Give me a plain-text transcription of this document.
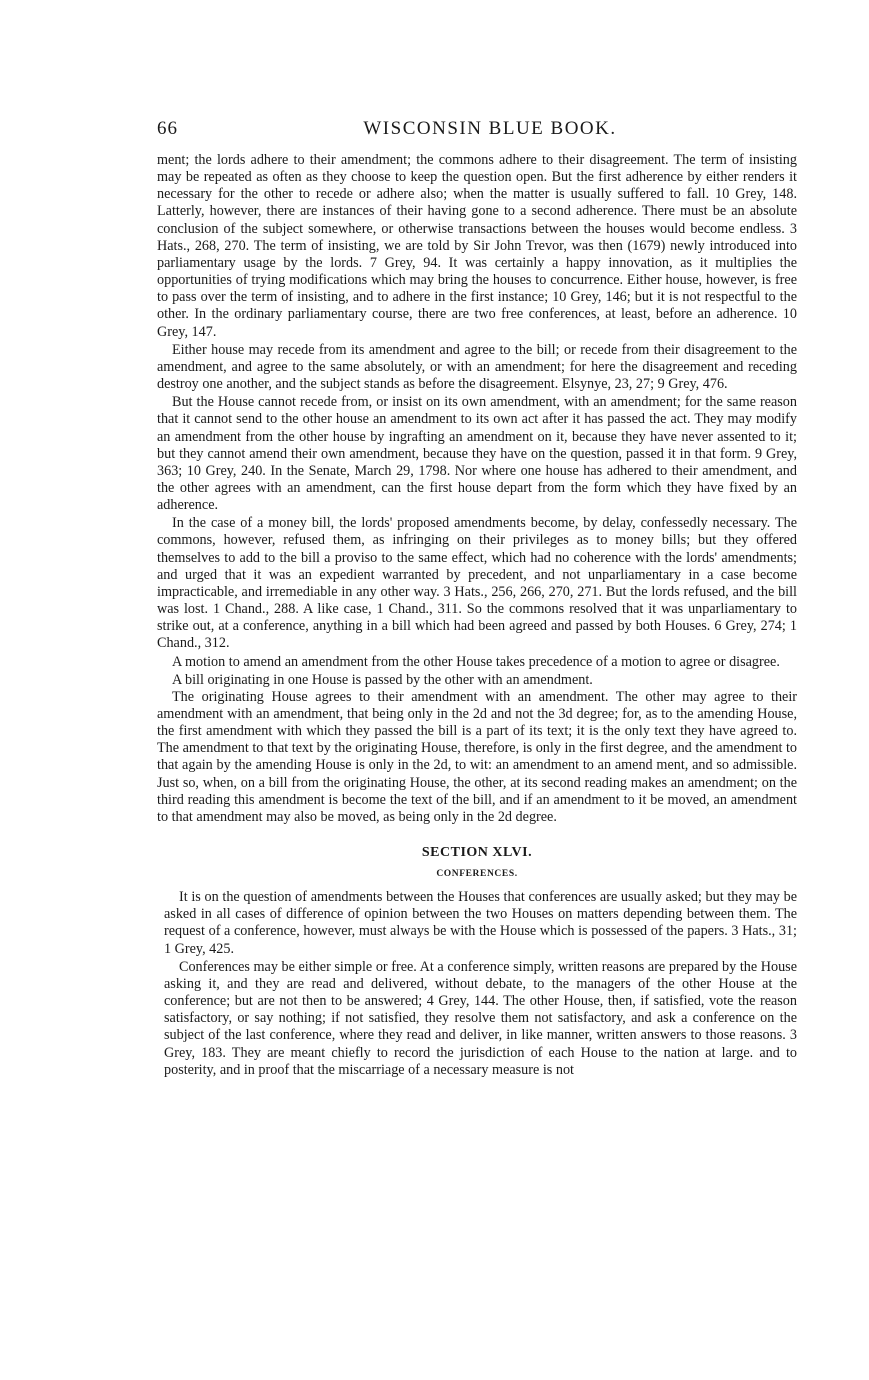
66	WISCONSIN BLUE BOOK.

ment; the lords adhere to their amendment; the commons adhere to their disagreement. The term of insisting may be repeated as often as they choose to keep the question open. But the first adherence by either renders it necessary for the other to recede or adhere also; when the matter is usually suffered to fall. 10 Grey, 148. Latterly, however, there are instances of their having gone to a second adherence. There must be an absolute conclusion of the subject somewhere, or otherwise transactions between the houses would become endless. 3 Hats., 268, 270. The term of insisting, we are told by Sir John Trevor, was then (1679) newly introduced into parliamentary usage by the lords. 7 Grey, 94. It was certainly a happy innovation, as it multiplies the opportunities of trying modifications which may bring the houses to concurrence. Either house, however, is free to pass over the term of insisting, and to adhere in the first instance; 10 Grey, 146; but it is not respectful to the other. In the ordinary parliamentary course, there are two free conferences, at least, before an adherence. 10 Grey, 147.

Either house may recede from its amendment and agree to the bill; or recede from their disagreement to the amendment, and agree to the same absolutely, or with an amendment; for here the disagreement and receding destroy one another, and the subject stands as before the disagreement. Elsynye, 23, 27; 9 Grey, 476.

But the House cannot recede from, or insist on its own amendment, with an amendment; for the same reason that it cannot send to the other house an amendment to its own act after it has passed the act. They may modify an amendment from the other house by ingrafting an amendment on it, because they have never assented to it; but they cannot amend their own amendment, because they have on the question, passed it in that form. 9 Grey, 363; 10 Grey, 240. In the Senate, March 29, 1798. Nor where one house has adhered to their amendment, and the other agrees with an amendment, can the first house depart from the form which they have fixed by an adherence.

In the case of a money bill, the lords' proposed amendments become, by delay, confessedly necessary. The commons, however, refused them, as infringing on their privileges as to money bills; but they offered themselves to add to the bill a proviso to the same effect, which had no coherence with the lords' amendments; and urged that it was an expedient warranted by precedent, and not unparliamentary in a case become impracticable, and irremediable in any other way. 3 Hats., 256, 266, 270, 271. But the lords refused, and the bill was lost. 1 Chand., 288. A like case, 1 Chand., 311. So the commons resolved that it was unparliamentary to strike out, at a conference, anything in a bill which had been agreed and passed by both Houses. 6 Grey, 274; 1 Chand., 312.

A motion to amend an amendment from the other House takes precedence of a motion to agree or disagree.

A bill originating in one House is passed by the other with an amendment.

The originating House agrees to their amendment with an amendment. The other may agree to their amendment with an amendment, that being only in the 2d and not the 3d degree; for, as to the amending House, the first amendment with which they passed the bill is a part of its text; it is the only text they have agreed to. The amendment to that text by the originating House, therefore, is only in the first degree, and the amendment to that again by the amending House is only in the 2d, to wit: an amendment to an amend ment, and so admissible. Just so, when, on a bill from the originating House, the other, at its second reading makes an amendment; on the third reading this amendment is become the text of the bill, and if an amendment to it be moved, an amendment to that amendment may also be moved, as being only in the 2d degree.

SECTION XLVI.
CONFERENCES.

It is on the question of amendments between the Houses that conferences are usually asked; but they may be asked in all cases of difference of opinion between the two Houses on matters depending between them. The request of a conference, however, must always be with the House which is possessed of the papers. 3 Hats., 31; 1 Grey, 425.

Conferences may be either simple or free. At a conference simply, written reasons are prepared by the House asking it, and they are read and delivered, without debate, to the managers of the other House at the conference; but are not then to be answered; 4 Grey, 144. The other House, then, if satisfied, vote the reason satisfactory, or say nothing; if not satisfied, they resolve them not satisfactory, and ask a conference on the subject of the last conference, where they read and deliver, in like manner, written answers to those reasons. 3 Grey, 183. They are meant chiefly to record the jurisdiction of each House to the nation at large. and to posterity, and in proof that the miscarriage of a necessary measure is not
